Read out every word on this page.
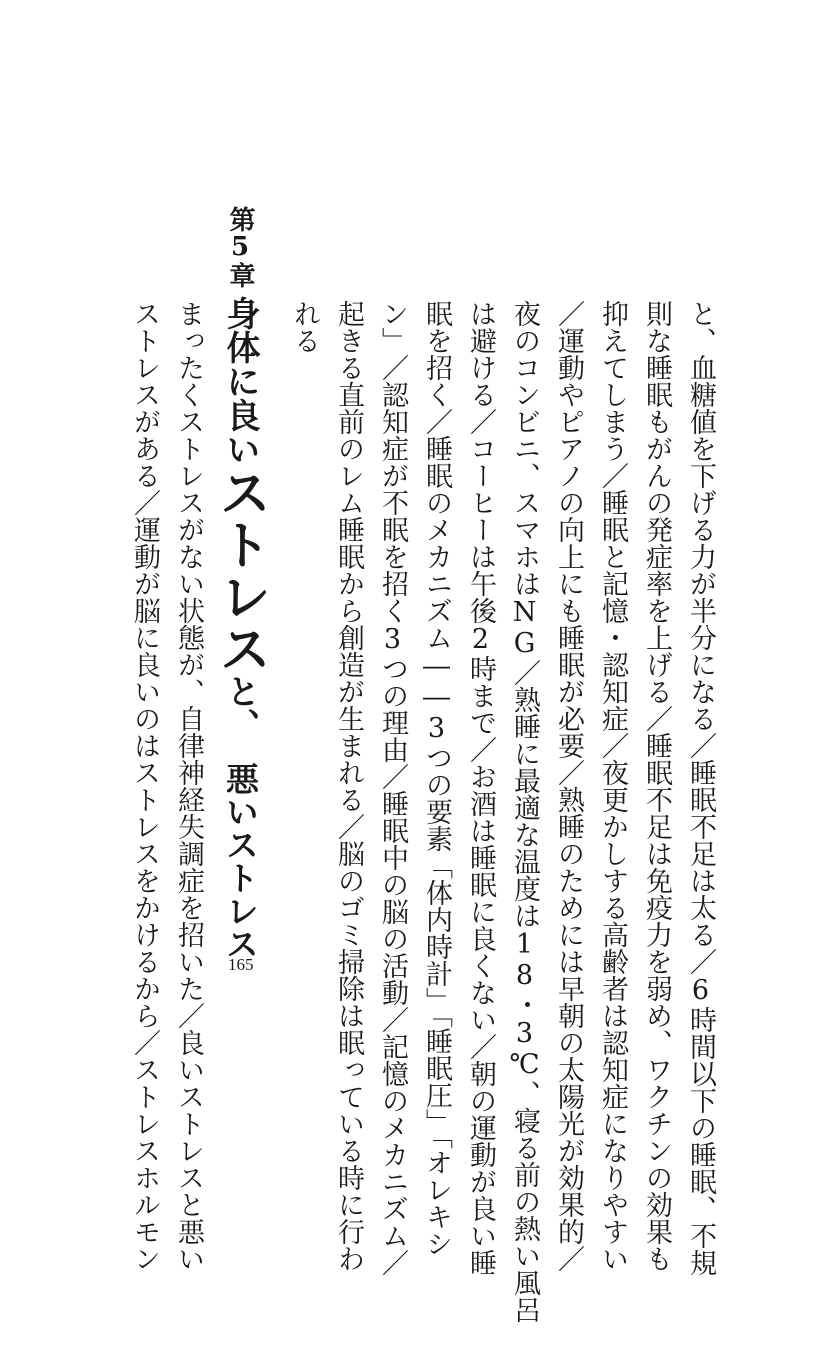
と、血糖値を下げる力が半分になる／睡眠不足は太る／6時間以下の睡眠、不規
則な睡眠もがんの発症率を上げる／睡眠不足は免疫力を弱め、ワクチンの効果も
抑えてしまう／睡眠と記憶・認知症／夜更かしする高齢者は認知症になりやすい
／運動やピアノの向上にも睡眠が必要／熟睡のためには早朝の太陽光が効果的／
夜のコンビニ、スマホはNG／熟睡に最適な温度は18・3℃、寝る前の熱い風呂
は避ける／コーヒーは午後2時まで／お酒は睡眠に良くない／朝の運動が良い睡
眠を招く／睡眠のメカニズム――3つの要素「体内時計」「睡眠圧」「オレキシ
ン」／認知症が不眠を招く3つの理由／睡眠中の脳の活動／記憶のメカニズム／
起きる直前のレム睡眠から創造が生まれる／脳のゴミ掃除は眠っている時に行わ
れる
第5章
身体に良いストレスと、悪いストレス
165
まったくストレスがない状態が、自律神経失調症を招いた／良いストレスと悪い
ストレスがある／運動が脳に良いのはストレスをかけるから／ストレスホルモン
